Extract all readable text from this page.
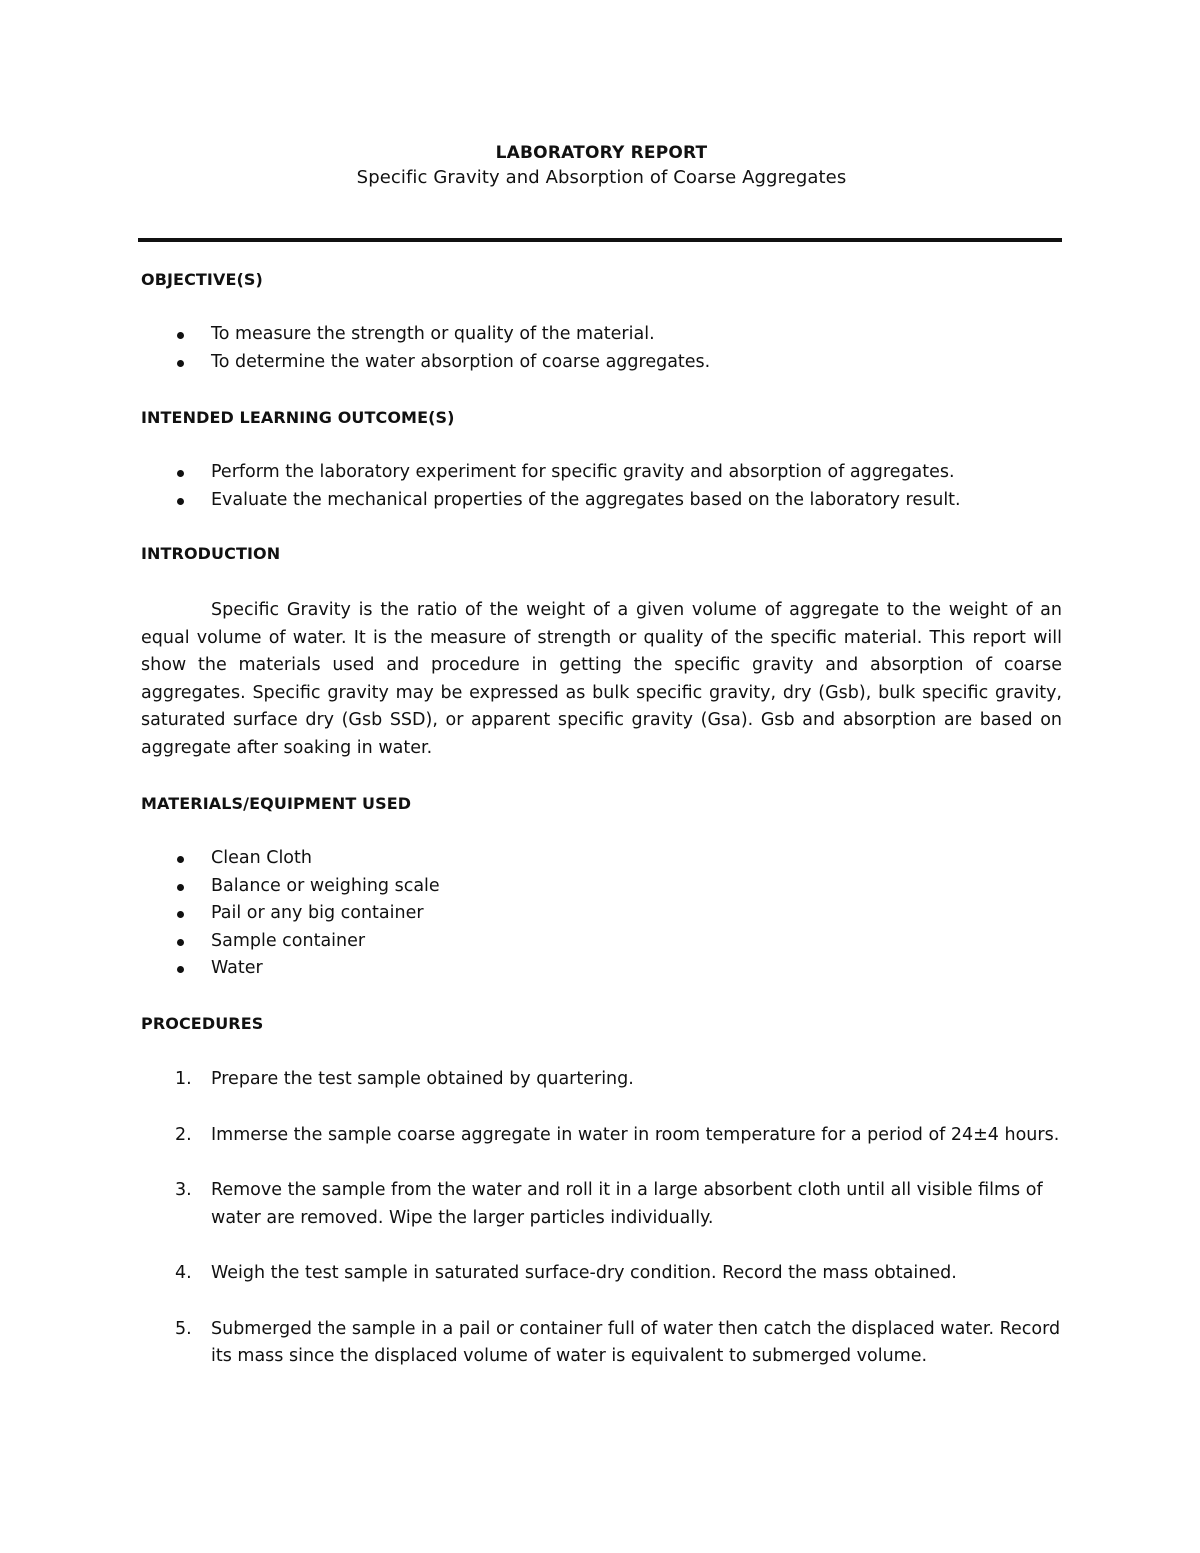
LABORATORY REPORT
Specific Gravity and Absorption of Coarse Aggregates
OBJECTIVE(S)
To measure the strength or quality of the material.
To determine the water absorption of coarse aggregates.
INTENDED LEARNING OUTCOME(S)
Perform the laboratory experiment for specific gravity and absorption of aggregates.
Evaluate the mechanical properties of the aggregates based on the laboratory result.
INTRODUCTION

Specific Gravity is the ratio of the weight of a given volume of aggregate to the weight of an equal volume of water. It is the measure of strength or quality of the specific material. This report will show the materials used and procedure in getting the specific gravity and absorption of coarse aggregates. Specific gravity may be expressed as bulk specific gravity, dry (Gsb), bulk specific gravity, saturated surface dry (Gsb SSD), or apparent specific gravity (Gsa). Gsb and absorption are based on aggregate after soaking in water.

MATERIALS/EQUIPMENT USED
Clean Cloth
Balance or weighing scale
Pail or any big container
Sample container
Water
PROCEDURES
1. Prepare the test sample obtained by quartering.
2. Immerse the sample coarse aggregate in water in room temperature for a period of 24±4 hours.
3. Remove the sample from the water and roll it in a large absorbent cloth until all visible films of water are removed. Wipe the larger particles individually.
4. Weigh the test sample in saturated surface-dry condition. Record the mass obtained.
5. Submerged the sample in a pail or container full of water then catch the displaced water. Record its mass since the displaced volume of water is equivalent to submerged volume.
